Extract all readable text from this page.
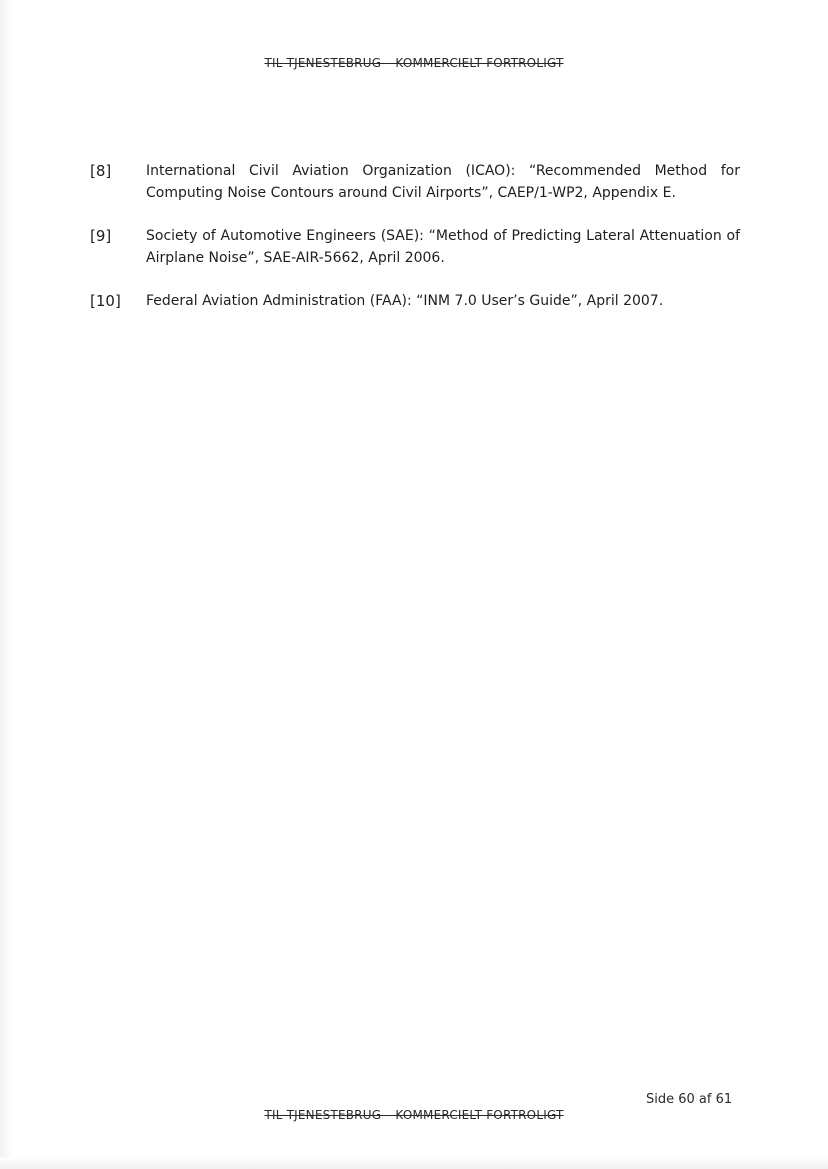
TIL TJENESTEBRUG – KOMMERCIELT FORTROLIGT
[8] International Civil Aviation Organization (ICAO): “Recommended Method for Computing Noise Contours around Civil Airports”, CAEP/1-WP2, Appendix E.
[9] Society of Automotive Engineers (SAE): “Method of Predicting Lateral Attenuation of Airplane Noise”, SAE-AIR-5662, April 2006.
[10] Federal Aviation Administration (FAA): “INM 7.0 User’s Guide”, April 2007.
Side 60 af 61
TIL TJENESTEBRUG – KOMMERCIELT FORTROLIGT
